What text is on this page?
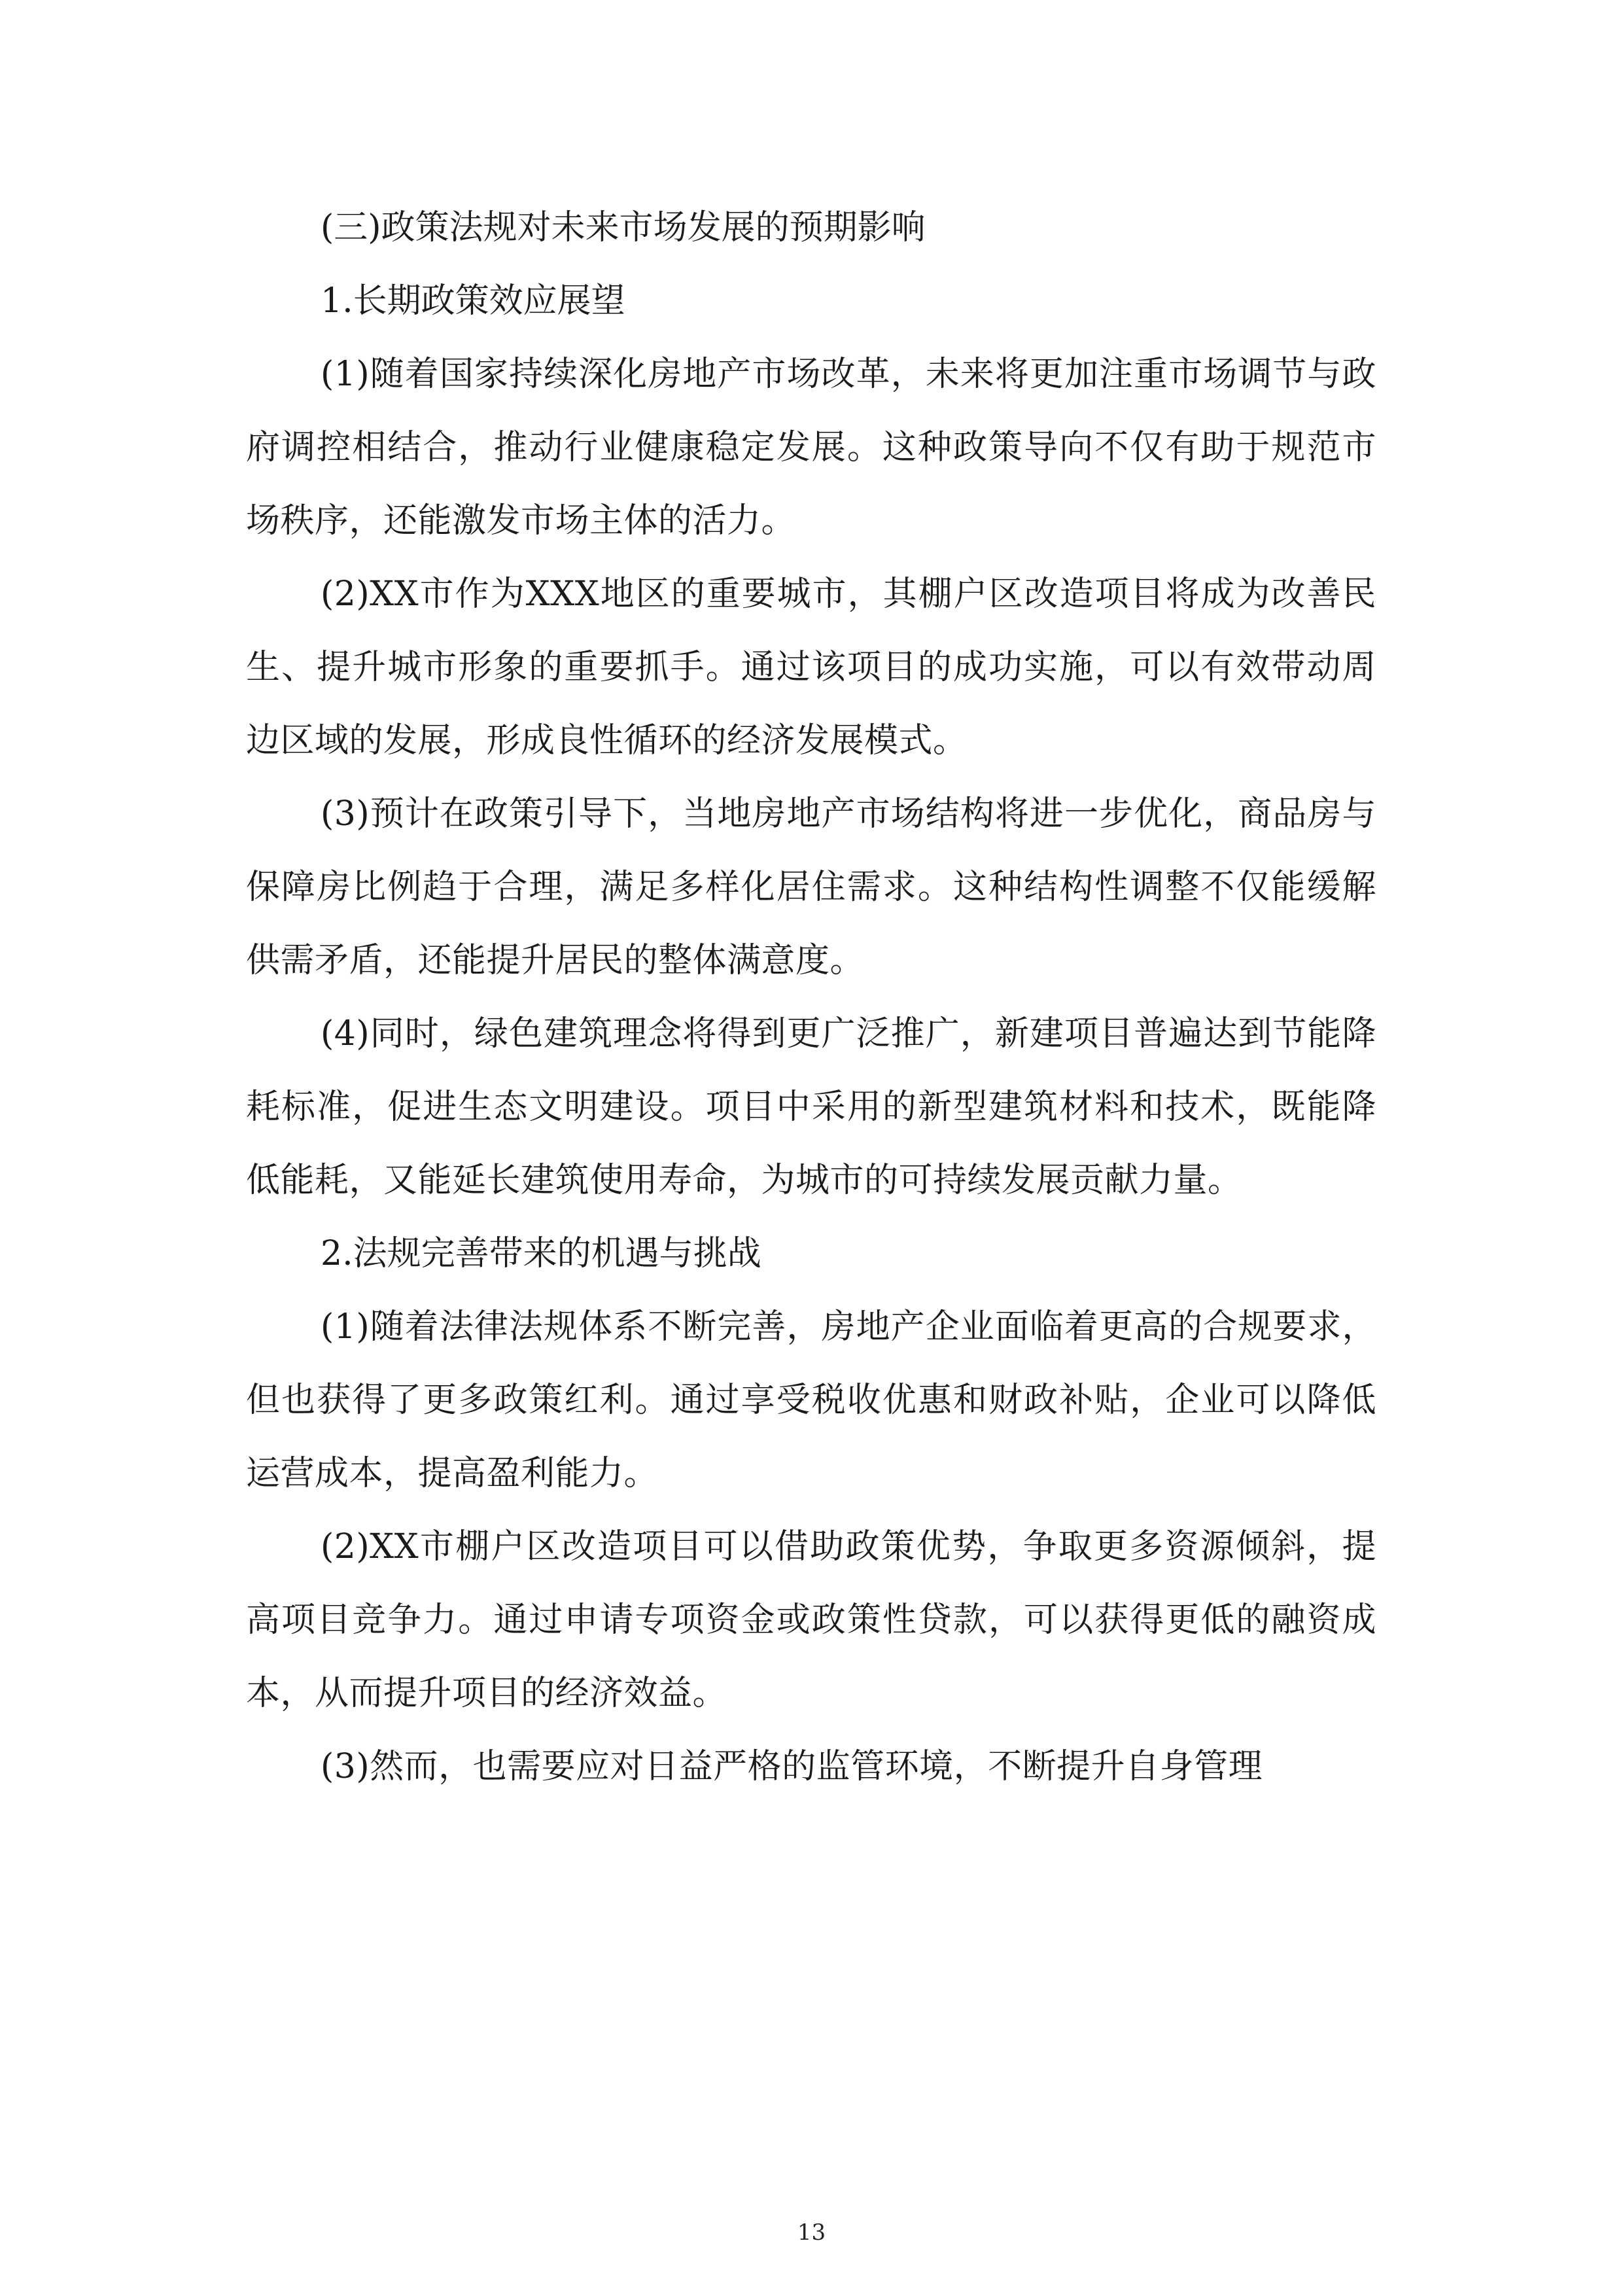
(三)政策法规对未来市场发展的预期影响

1.长期政策效应展望

(1)随着国家持续深化房地产市场改革，未来将更加注重市场调节与政府调控相结合，推动行业健康稳定发展。这种政策导向不仅有助于规范市场秩序，还能激发市场主体的活力。

(2)XX市作为XXX地区的重要城市，其棚户区改造项目将成为改善民生、提升城市形象的重要抓手。通过该项目的成功实施，可以有效带动周边区域的发展，形成良性循环的经济发展模式。

(3)预计在政策引导下，当地房地产市场结构将进一步优化，商品房与保障房比例趋于合理，满足多样化居住需求。这种结构性调整不仅能缓解供需矛盾，还能提升居民的整体满意度。

(4)同时，绿色建筑理念将得到更广泛推广，新建项目普遍达到节能降耗标准，促进生态文明建设。项目中采用的新型建筑材料和技术，既能降低能耗，又能延长建筑使用寿命，为城市的可持续发展贡献力量。

2.法规完善带来的机遇与挑战

(1)随着法律法规体系不断完善，房地产企业面临着更高的合规要求，但也获得了更多政策红利。通过享受税收优惠和财政补贴，企业可以降低运营成本，提高盈利能力。

(2)XX市棚户区改造项目可以借助政策优势，争取更多资源倾斜，提高项目竞争力。通过申请专项资金或政策性贷款，可以获得更低的融资成本，从而提升项目的经济效益。

(3)然而，也需要应对日益严格的监管环境，不断提升自身管理

13
